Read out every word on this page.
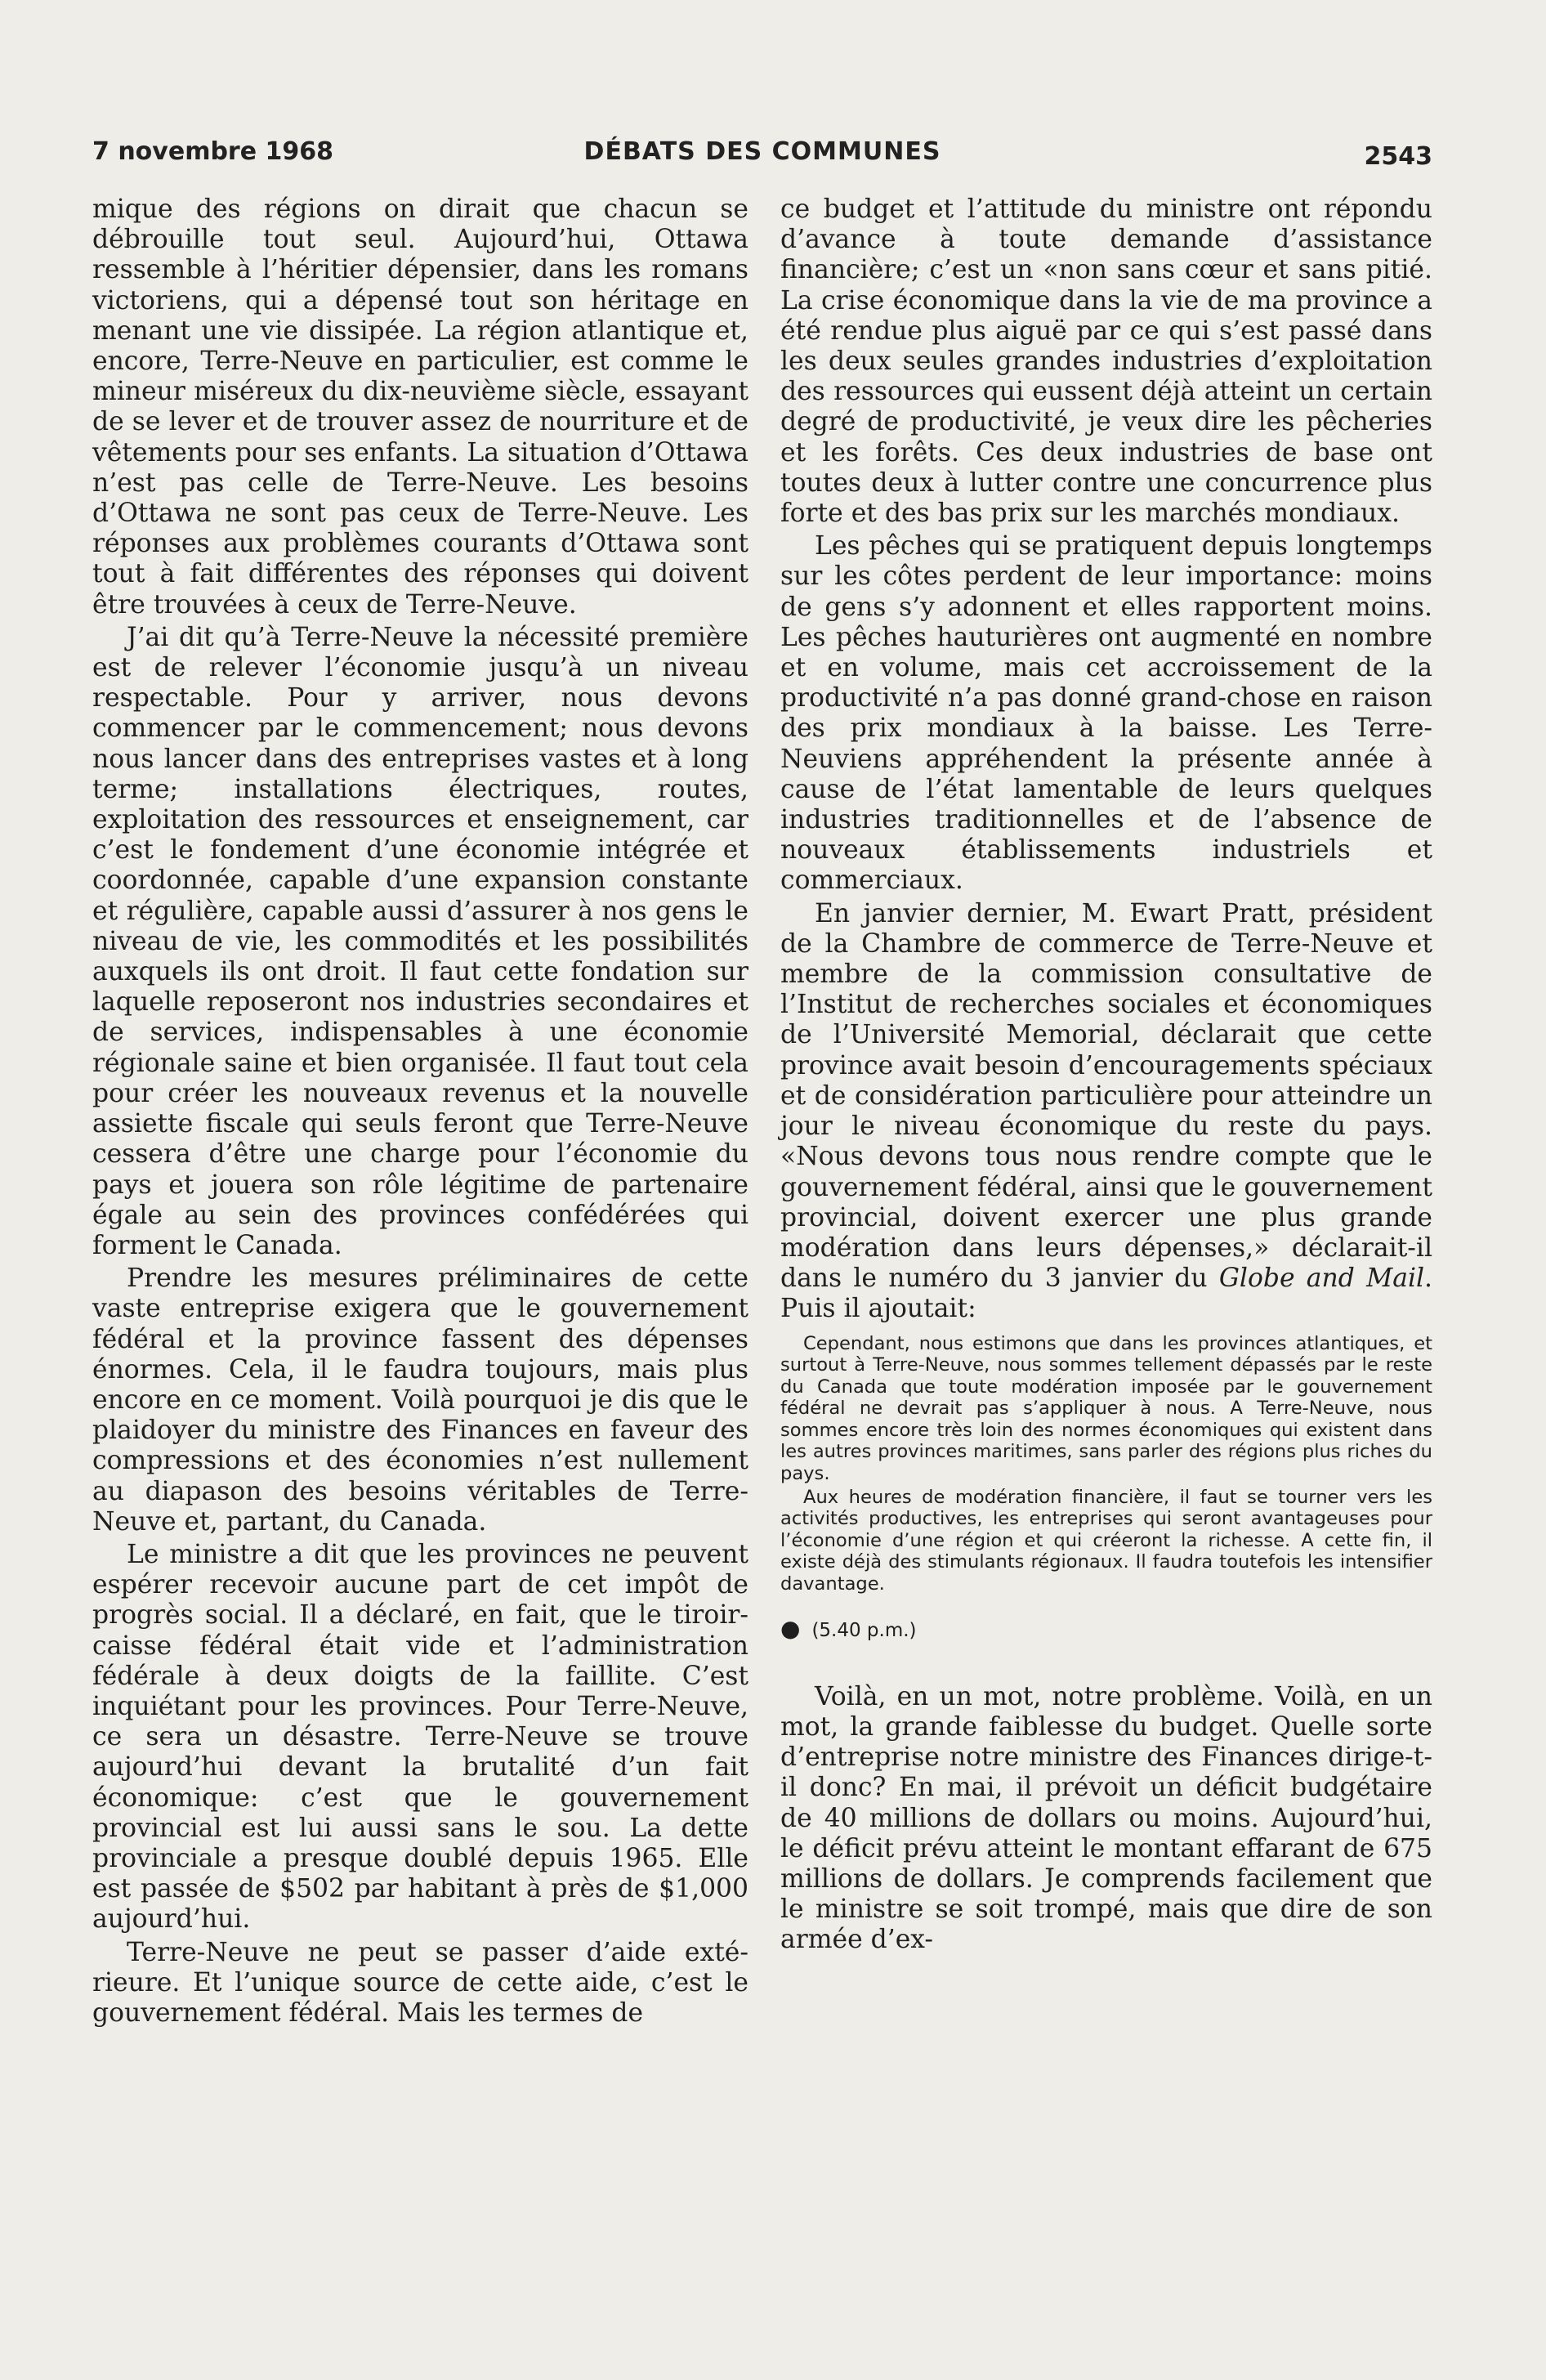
7 novembre 1968	DÉBATS DES COMMUNES	2543

mique des régions on dirait que chacun se débrouille tout seul. Aujourd’hui, Ottawa ressemble à l’héritier dépensier, dans les romans victoriens, qui a dépensé tout son héritage en menant une vie dissipée. La région atlantique et, encore, Terre-Neuve en particulier, est comme le mineur miséreux du dix-neuvième siècle, essayant de se lever et de trouver assez de nourriture et de vêtements pour ses enfants. La situation d’Ottawa n’est pas celle de Terre-Neuve. Les besoins d’Ottawa ne sont pas ceux de Terre-Neuve. Les réponses aux problèmes courants d’Ottawa sont tout à fait différentes des réponses qui doivent être trouvées à ceux de Terre-Neuve.

J’ai dit qu’à Terre-Neuve la nécessité première est de relever l’économie jusqu’à un niveau respectable. Pour y arriver, nous devons commencer par le commencement; nous devons nous lancer dans des entreprises vastes et à long terme; installations électriques, routes, exploitation des ressources et enseignement, car c’est le fondement d’une économie intégrée et coordonnée, capable d’une expansion constante et régulière, capable aussi d’assurer à nos gens le niveau de vie, les commodités et les possibilités auxquels ils ont droit. Il faut cette fondation sur laquelle reposeront nos industries secondaires et de services, indispensables à une économie régionale saine et bien organisée. Il faut tout cela pour créer les nouveaux revenus et la nouvelle assiette fiscale qui seuls feront que Terre-Neuve cessera d’être une charge pour l’économie du pays et jouera son rôle légitime de partenaire égale au sein des provinces confédérées qui forment le Canada.

Prendre les mesures préliminaires de cette vaste entreprise exigera que le gouvernement fédéral et la province fassent des dépenses énormes. Cela, il le faudra toujours, mais plus encore en ce moment. Voilà pourquoi je dis que le plaidoyer du ministre des Finances en faveur des compressions et des économies n’est nullement au diapason des besoins véritables de Terre-Neuve et, partant, du Canada.

Le ministre a dit que les provinces ne peuvent espérer recevoir aucune part de cet impôt de progrès social. Il a déclaré, en fait, que le tiroir-caisse fédéral était vide et l’administration fédérale à deux doigts de la faillite. C’est inquiétant pour les provinces. Pour Terre-Neuve, ce sera un désastre. Terre-Neuve se trouve aujourd’hui devant la brutalité d’un fait économique: c’est que le gouvernement provincial est lui aussi sans le sou. La dette provinciale a presque doublé depuis 1965. Elle est passée de $502 par habitant à près de $1,000 aujourd’hui.

Terre-Neuve ne peut se passer d’aide extérieure. Et l’unique source de cette aide, c’est le gouvernement fédéral. Mais les termes de

ce budget et l’attitude du ministre ont répondu d’avance à toute demande d’assistance financière; c’est un «non sans cœur et sans pitié. La crise économique dans la vie de ma province a été rendue plus aiguë par ce qui s’est passé dans les deux seules grandes industries d’exploitation des ressources qui eussent déjà atteint un certain degré de productivité, je veux dire les pêcheries et les forêts. Ces deux industries de base ont toutes deux à lutter contre une concurrence plus forte et des bas prix sur les marchés mondiaux.

Les pêches qui se pratiquent depuis longtemps sur les côtes perdent de leur importance: moins de gens s’y adonnent et elles rapportent moins. Les pêches hauturières ont augmenté en nombre et en volume, mais cet accroissement de la productivité n’a pas donné grand-chose en raison des prix mondiaux à la baisse. Les Terre-Neuviens appréhendent la présente année à cause de l’état lamentable de leurs quelques industries traditionnelles et de l’absence de nouveaux établissements industriels et commerciaux.

En janvier dernier, M. Ewart Pratt, président de la Chambre de commerce de Terre-Neuve et membre de la commission consultative de l’Institut de recherches sociales et économiques de l’Université Memorial, déclarait que cette province avait besoin d’encouragements spéciaux et de considération particulière pour atteindre un jour le niveau économique du reste du pays. «Nous devons tous nous rendre compte que le gouvernement fédéral, ainsi que le gouvernement provincial, doivent exercer une plus grande modération dans leurs dépenses,» déclarait-il dans le numéro du 3 janvier du Globe and Mail. Puis il ajoutait:

Cependant, nous estimons que dans les provinces atlantiques, et surtout à Terre-Neuve, nous sommes tellement dépassés par le reste du Canada que toute modération imposée par le gouvernement fédéral ne devrait pas s’appliquer à nous. A Terre-Neuve, nous sommes encore très loin des normes économiques qui existent dans les autres provinces maritimes, sans parler des régions plus riches du pays.

Aux heures de modération financière, il faut se tourner vers les activités productives, les entreprises qui seront avantageuses pour l’économie d’une région et qui créeront la richesse. A cette fin, il existe déjà des stimulants régionaux. Il faudra toutefois les intensifier davantage.

● (5.40 p.m.)

Voilà, en un mot, notre problème. Voilà, en un mot, la grande faiblesse du budget. Quelle sorte d’entreprise notre ministre des Finances dirige-t-il donc? En mai, il prévoit un déficit budgétaire de 40 millions de dollars ou moins. Aujourd’hui, le déficit prévu atteint le montant effarant de 675 millions de dollars. Je comprends facilement que le ministre se soit trompé, mais que dire de son armée d’ex-
